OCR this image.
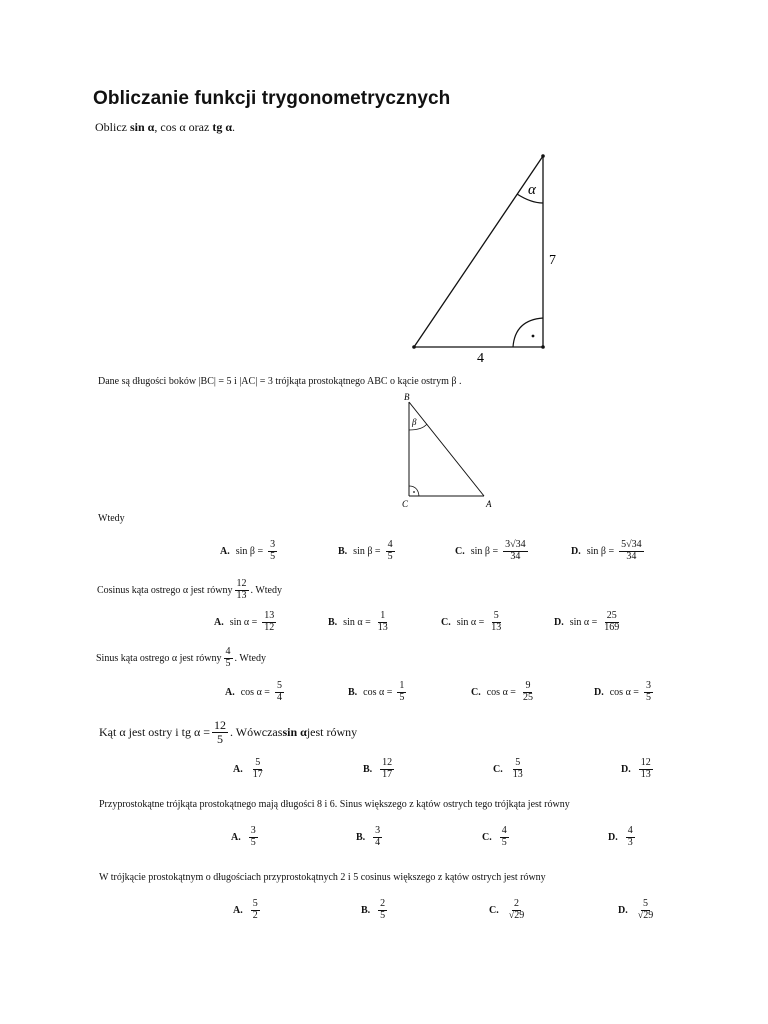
Obliczanie funkcji trygonometrycznych
Oblicz sin α, cos α oraz tg α.
α
7
4
Dane są długości boków |BC| = 5 i |AC| = 3 trójkąta prostokątnego ABC o kącie ostrym β .
B
C	A
β
Wtedy
A. $\sin \beta = \frac{3}{5}$	B. $\sin \beta = \frac{4}{5}$	C. $\sin \beta = \frac{3√34}{34}$	D. $\sin \beta = \frac{5√34}{34}$
Cosinus kąta ostrego α jest równy $\frac{12}{13}$ . Wtedy
A. $\sin \alpha = \frac{13}{12}$	B. $\sin \alpha = \frac{1}{13}$	C. $\sin \alpha = \frac{5}{13}$	D. $\sin \alpha = \frac{25}{169}$
Sinus kąta ostrego α jest równy $\frac{4}{5}$ . Wtedy
A. $\cos \alpha = \frac{5}{4}$	B. $\cos \alpha = \frac{1}{5}$	C. $\cos \alpha = \frac{9}{25}$	D. $\cos \alpha = \frac{3}{5}$
Kąt α jest ostry i tg $\alpha = \frac{12}{5}$ . Wówczas sin α jest równy
A. $\frac{5}{17}$	B. $\frac{12}{17}$	C. $\frac{5}{13}$	D. $\frac{12}{13}$
Przyprostokątne trójkąta prostokątnego mają długości 8 i 6. Sinus większego z kątów ostrych tego trójkąta jest równy
A. $\frac{3}{5}$	B. $\frac{3}{4}$	C. $\frac{4}{5}$	D. $\frac{4}{3}$
W trójkącie prostokątnym o długościach przyprostokątnych 2 i 5 cosinus większego z kątów ostrych jest równy
A. $\frac{5}{2}$	B. $\frac{2}{5}$	C. $\frac{2}{√29}$	D. $\frac{5}{√29}$
